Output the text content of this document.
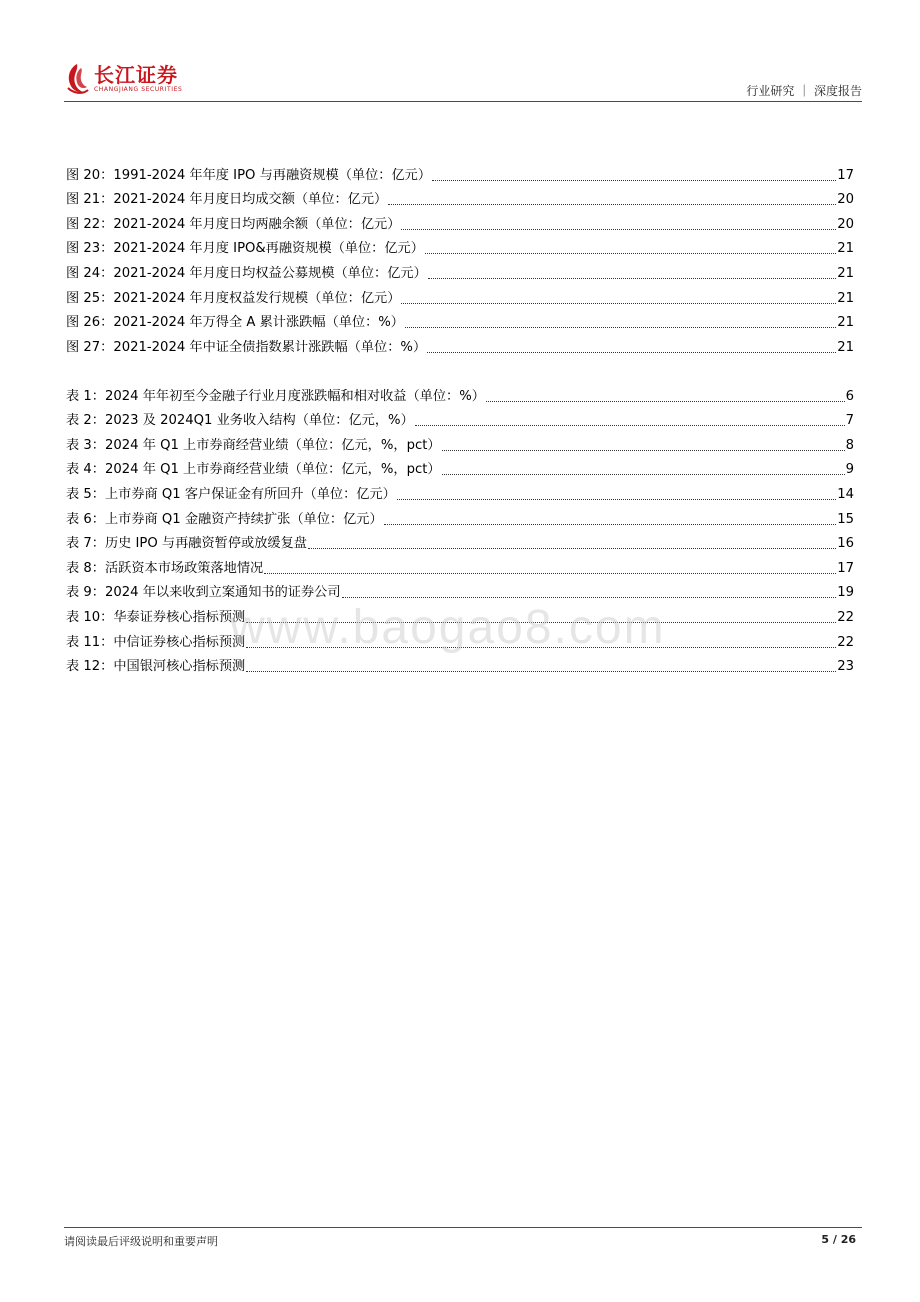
长江证券
CHANGJIANG SECURITIES	行业研究 ｜ 深度报告
图 20：1991-2024 年年度 IPO 与再融资规模（单位：亿元）	17
图 21：2021-2024 年月度日均成交额（单位：亿元）	20
图 22：2021-2024 年月度日均两融余额（单位：亿元）	20
图 23：2021-2024 年月度 IPO&再融资规模（单位：亿元）	21
图 24：2021-2024 年月度日均权益公募规模（单位：亿元）	21
图 25：2021-2024 年月度权益发行规模（单位：亿元）	21
图 26：2021-2024 年万得全 A 累计涨跌幅（单位：%）	21
图 27：2021-2024 年中证全债指数累计涨跌幅（单位：%）	21
表 1：2024 年年初至今金融子行业月度涨跌幅和相对收益（单位：%）	6
表 2：2023 及 2024Q1 业务收入结构（单位：亿元，%）	7
表 3：2024 年 Q1 上市券商经营业绩（单位：亿元，%，pct）	8
表 4：2024 年 Q1 上市券商经营业绩（单位：亿元，%，pct）	9
表 5：上市券商 Q1 客户保证金有所回升（单位：亿元）	14
表 6：上市券商 Q1 金融资产持续扩张（单位：亿元）	15
表 7：历史 IPO 与再融资暂停或放缓复盘	16
表 8：活跃资本市场政策落地情况	17
表 9：2024 年以来收到立案通知书的证券公司	19
表 10：华泰证券核心指标预测	22
表 11：中信证券核心指标预测	22
表 12：中国银河核心指标预测	23
www.baogao8.com
请阅读最后评级说明和重要声明	5 / 26
